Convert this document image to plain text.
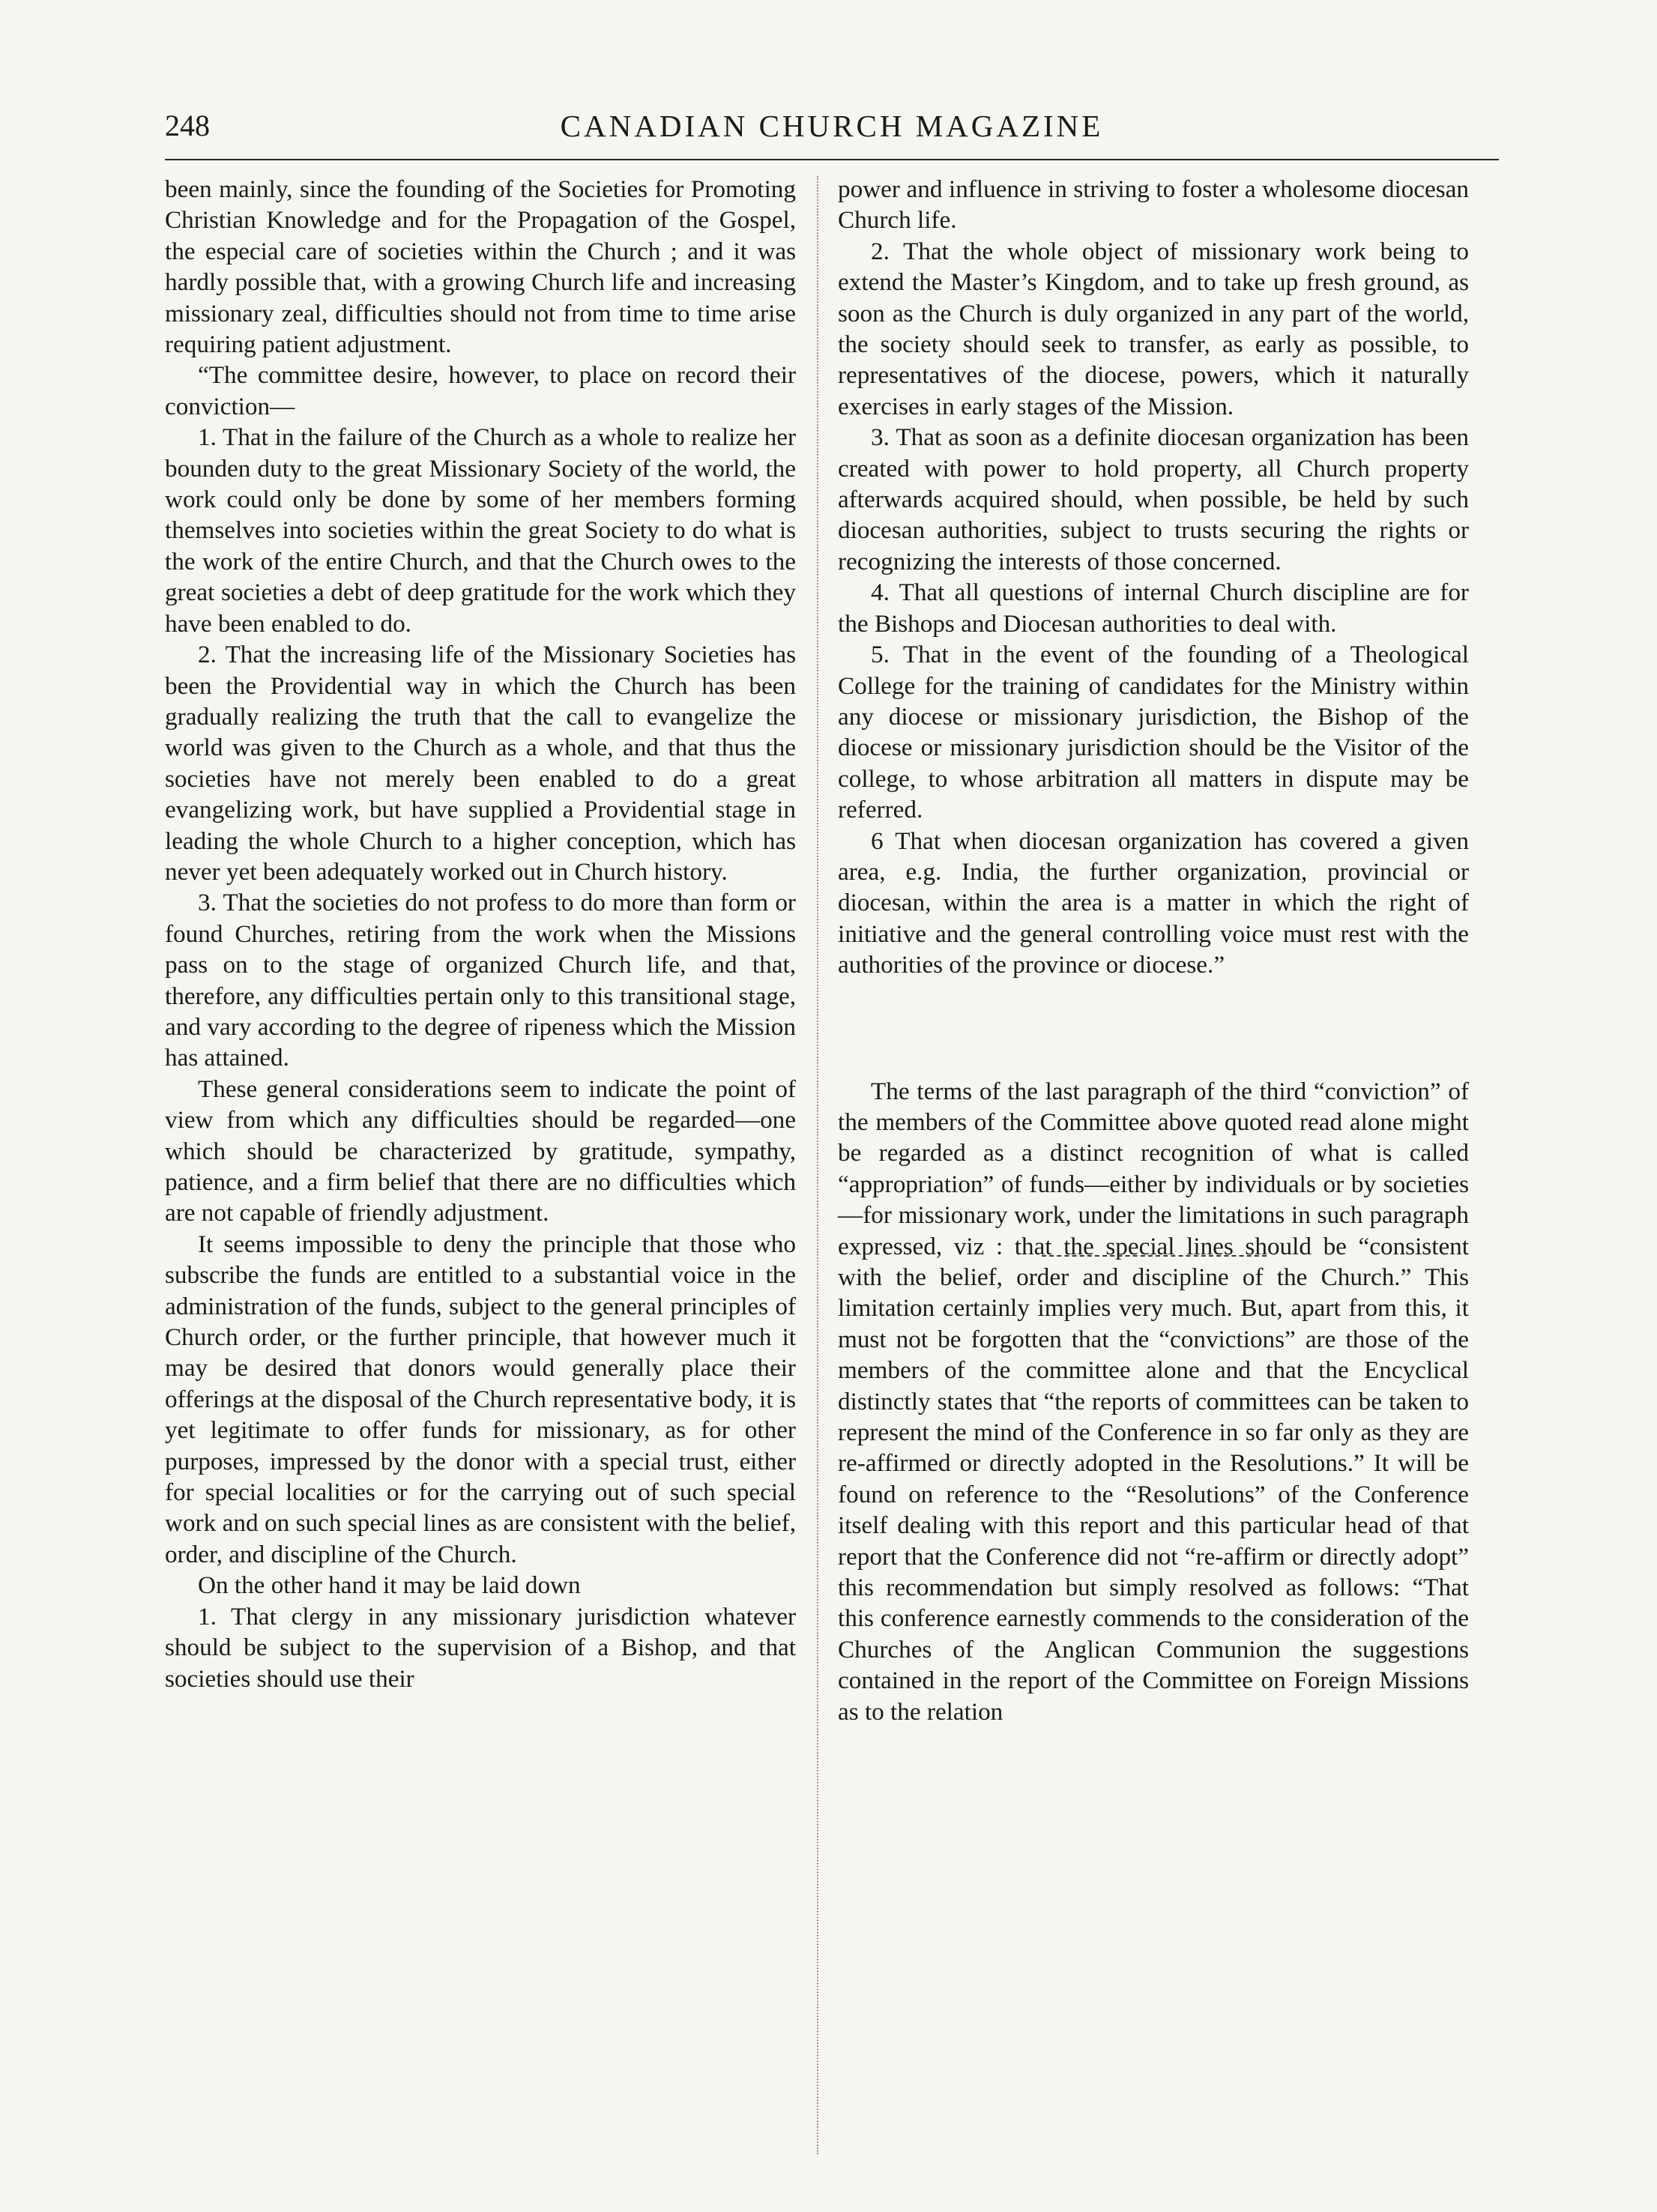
248	CANADIAN CHURCH MAGAZINE

been mainly, since the founding of the Societies for Promoting Christian Knowledge and for the Propagation of the Gospel, the especial care of societies within the Church ; and it was hardly possible that, with a growing Church life and increasing missionary zeal, difficulties should not from time to time arise requiring patient adjustment.

“The committee desire, however, to place on record their conviction—

1. That in the failure of the Church as a whole to realize her bounden duty to the great Missionary Society of the world, the work could only be done by some of her members forming themselves into societies within the great Society to do what is the work of the entire Church, and that the Church owes to the great societies a debt of deep gratitude for the work which they have been enabled to do.

2. That the increasing life of the Missionary Societies has been the Providential way in which the Church has been gradually realizing the truth that the call to evangelize the world was given to the Church as a whole, and that thus the societies have not merely been enabled to do a great evangelizing work, but have supplied a Providential stage in leading the whole Church to a higher conception, which has never yet been adequately worked out in Church history.

3. That the societies do not profess to do more than form or found Churches, retiring from the work when the Missions pass on to the stage of organized Church life, and that, therefore, any difficulties pertain only to this transitional stage, and vary according to the degree of ripeness which the Mission has attained.

These general considerations seem to indicate the point of view from which any difficulties should be regarded—one which should be characterized by gratitude, sympathy, patience, and a firm belief that there are no difficulties which are not capable of friendly adjustment.

It seems impossible to deny the principle that those who subscribe the funds are entitled to a substantial voice in the administration of the funds, subject to the general principles of Church order, or the further principle, that however much it may be desired that donors would generally place their offerings at the disposal of the Church representative body, it is yet legitimate to offer funds for missionary, as for other purposes, impressed by the donor with a special trust, either for special localities or for the carrying out of such special work and on such special lines as are consistent with the belief, order, and discipline of the Church.

On the other hand it may be laid down

1. That clergy in any missionary jurisdiction whatever should be subject to the supervision of a Bishop, and that societies should use their

power and influence in striving to foster a wholesome diocesan Church life.

2. That the whole object of missionary work being to extend the Master’s Kingdom, and to take up fresh ground, as soon as the Church is duly organized in any part of the world, the society should seek to transfer, as early as possible, to representatives of the diocese, powers, which it naturally exercises in early stages of the Mission.

3. That as soon as a definite diocesan organization has been created with power to hold property, all Church property afterwards acquired should, when possible, be held by such diocesan authorities, subject to trusts securing the rights or recognizing the interests of those concerned.

4. That all questions of internal Church discipline are for the Bishops and Diocesan authorities to deal with.

5. That in the event of the founding of a Theological College for the training of candidates for the Ministry within any diocese or missionary jurisdiction, the Bishop of the diocese or missionary jurisdiction should be the Visitor of the college, to whose arbitration all matters in dispute may be referred.

6 That when diocesan organization has covered a given area, e.g. India, the further organization, provincial or diocesan, within the area is a matter in which the right of initiative and the general controlling voice must rest with the authorities of the province or diocese.”

The terms of the last paragraph of the third “conviction” of the members of the Committee above quoted read alone might be regarded as a distinct recognition of what is called “appropriation” of funds—either by individuals or by societies—for missionary work, under the limitations in such paragraph expressed, viz : that the special lines should be “consistent with the belief, order and discipline of the Church.” This limitation certainly implies very much. But, apart from this, it must not be forgotten that the “convictions” are those of the members of the committee alone and that the Encyclical distinctly states that “the reports of committees can be taken to represent the mind of the Conference in so far only as they are re-affirmed or directly adopted in the Resolutions.” It will be found on reference to the “Resolutions” of the Conference itself dealing with this report and this particular head of that report that the Conference did not “re-affirm or directly adopt” this recommendation but simply resolved as follows: “That this conference earnestly commends to the consideration of the Churches of the Anglican Communion the suggestions contained in the report of the Committee on Foreign Missions as to the relation
